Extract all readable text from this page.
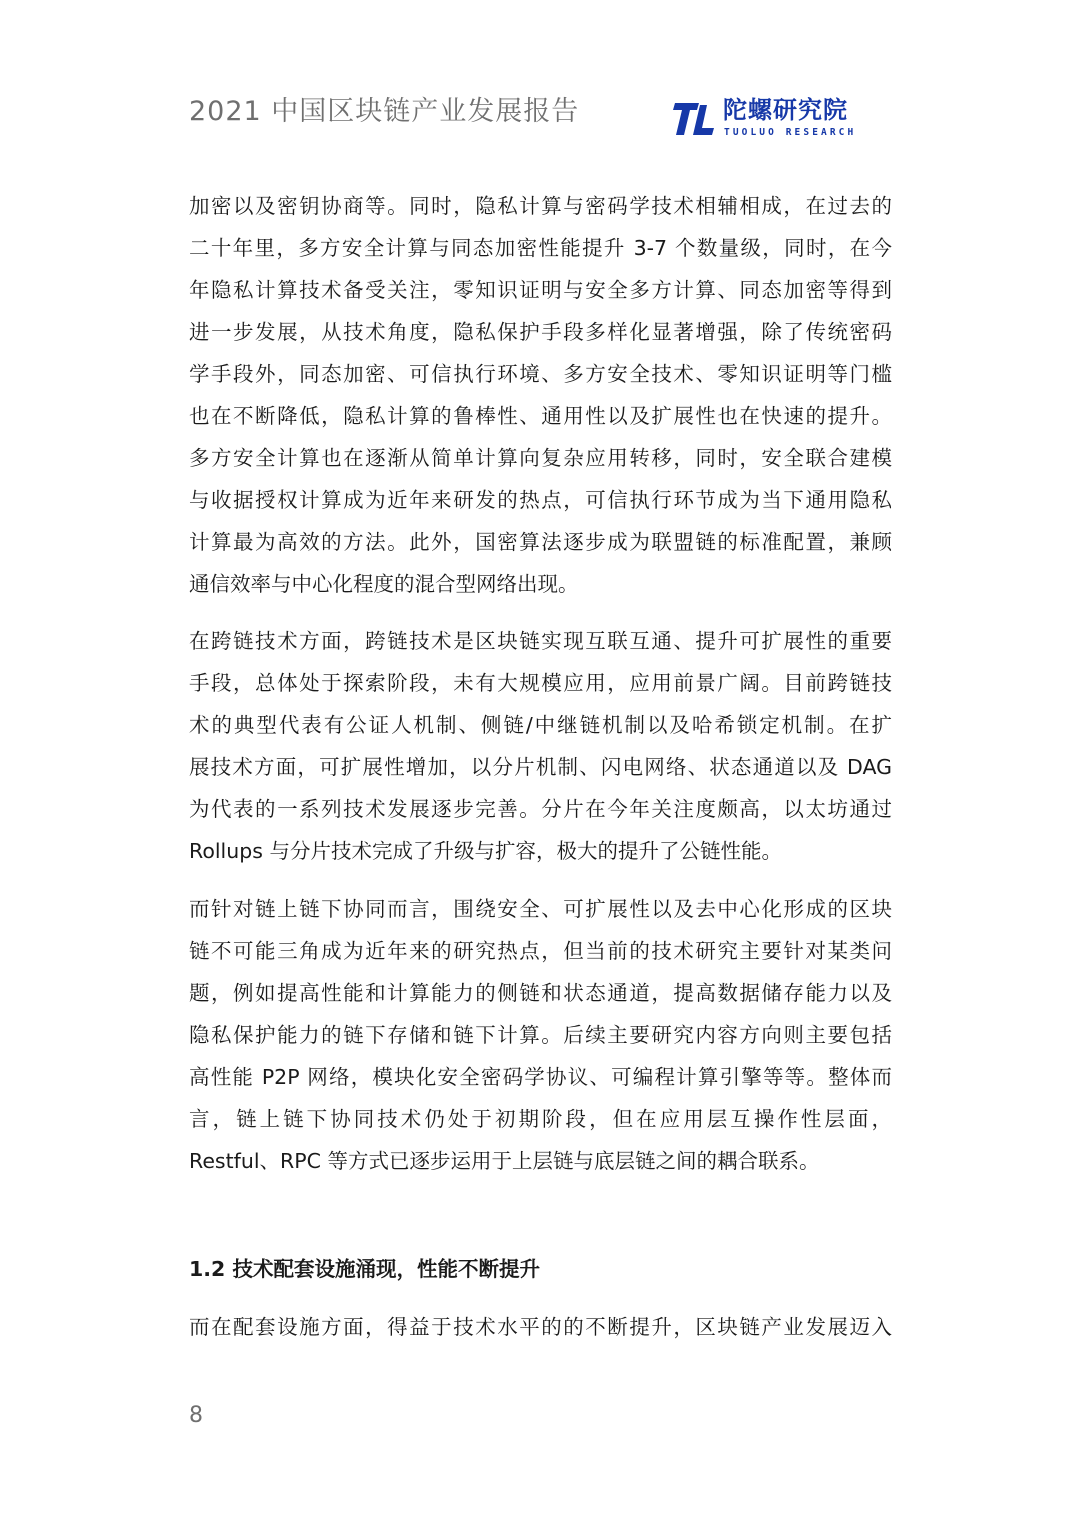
2021 中国区块链产业发展报告	陀螺研究院
TUOLUO RESEARCH
加密以及密钥协商等。同时，隐私计算与密码学技术相辅相成，在过去的
二十年里，多方安全计算与同态加密性能提升 3-7 个数量级，同时，在今
年隐私计算技术备受关注，零知识证明与安全多方计算、同态加密等得到
进一步发展，从技术角度，隐私保护手段多样化显著增强，除了传统密码
学手段外，同态加密、可信执行环境、多方安全技术、零知识证明等门槛
也在不断降低，隐私计算的鲁棒性、通用性以及扩展性也在快速的提升。
多方安全计算也在逐渐从简单计算向复杂应用转移，同时，安全联合建模
与收据授权计算成为近年来研发的热点，可信执行环节成为当下通用隐私
计算最为高效的方法。此外，国密算法逐步成为联盟链的标准配置，兼顾
通信效率与中心化程度的混合型网络出现。
在跨链技术方面，跨链技术是区块链实现互联互通、提升可扩展性的重要
手段，总体处于探索阶段，未有大规模应用，应用前景广阔。目前跨链技
术的典型代表有公证人机制、侧链/中继链机制以及哈希锁定机制。在扩
展技术方面，可扩展性增加，以分片机制、闪电网络、状态通道以及 DAG
为代表的一系列技术发展逐步完善。分片在今年关注度颇高，以太坊通过
Rollups 与分片技术完成了升级与扩容，极大的提升了公链性能。
而针对链上链下协同而言，围绕安全、可扩展性以及去中心化形成的区块
链不可能三角成为近年来的研究热点，但当前的技术研究主要针对某类问
题，例如提高性能和计算能力的侧链和状态通道，提高数据储存能力以及
隐私保护能力的链下存储和链下计算。后续主要研究内容方向则主要包括
高性能 P2P 网络，模块化安全密码学协议、可编程计算引擎等等。整体而
言，链上链下协同技术仍处于初期阶段，但在应用层互操作性层面，
Restful、RPC 等方式已逐步运用于上层链与底层链之间的耦合联系。
1.2 技术配套设施涌现，性能不断提升
而在配套设施方面，得益于技术水平的的不断提升，区块链产业发展迈入
8
